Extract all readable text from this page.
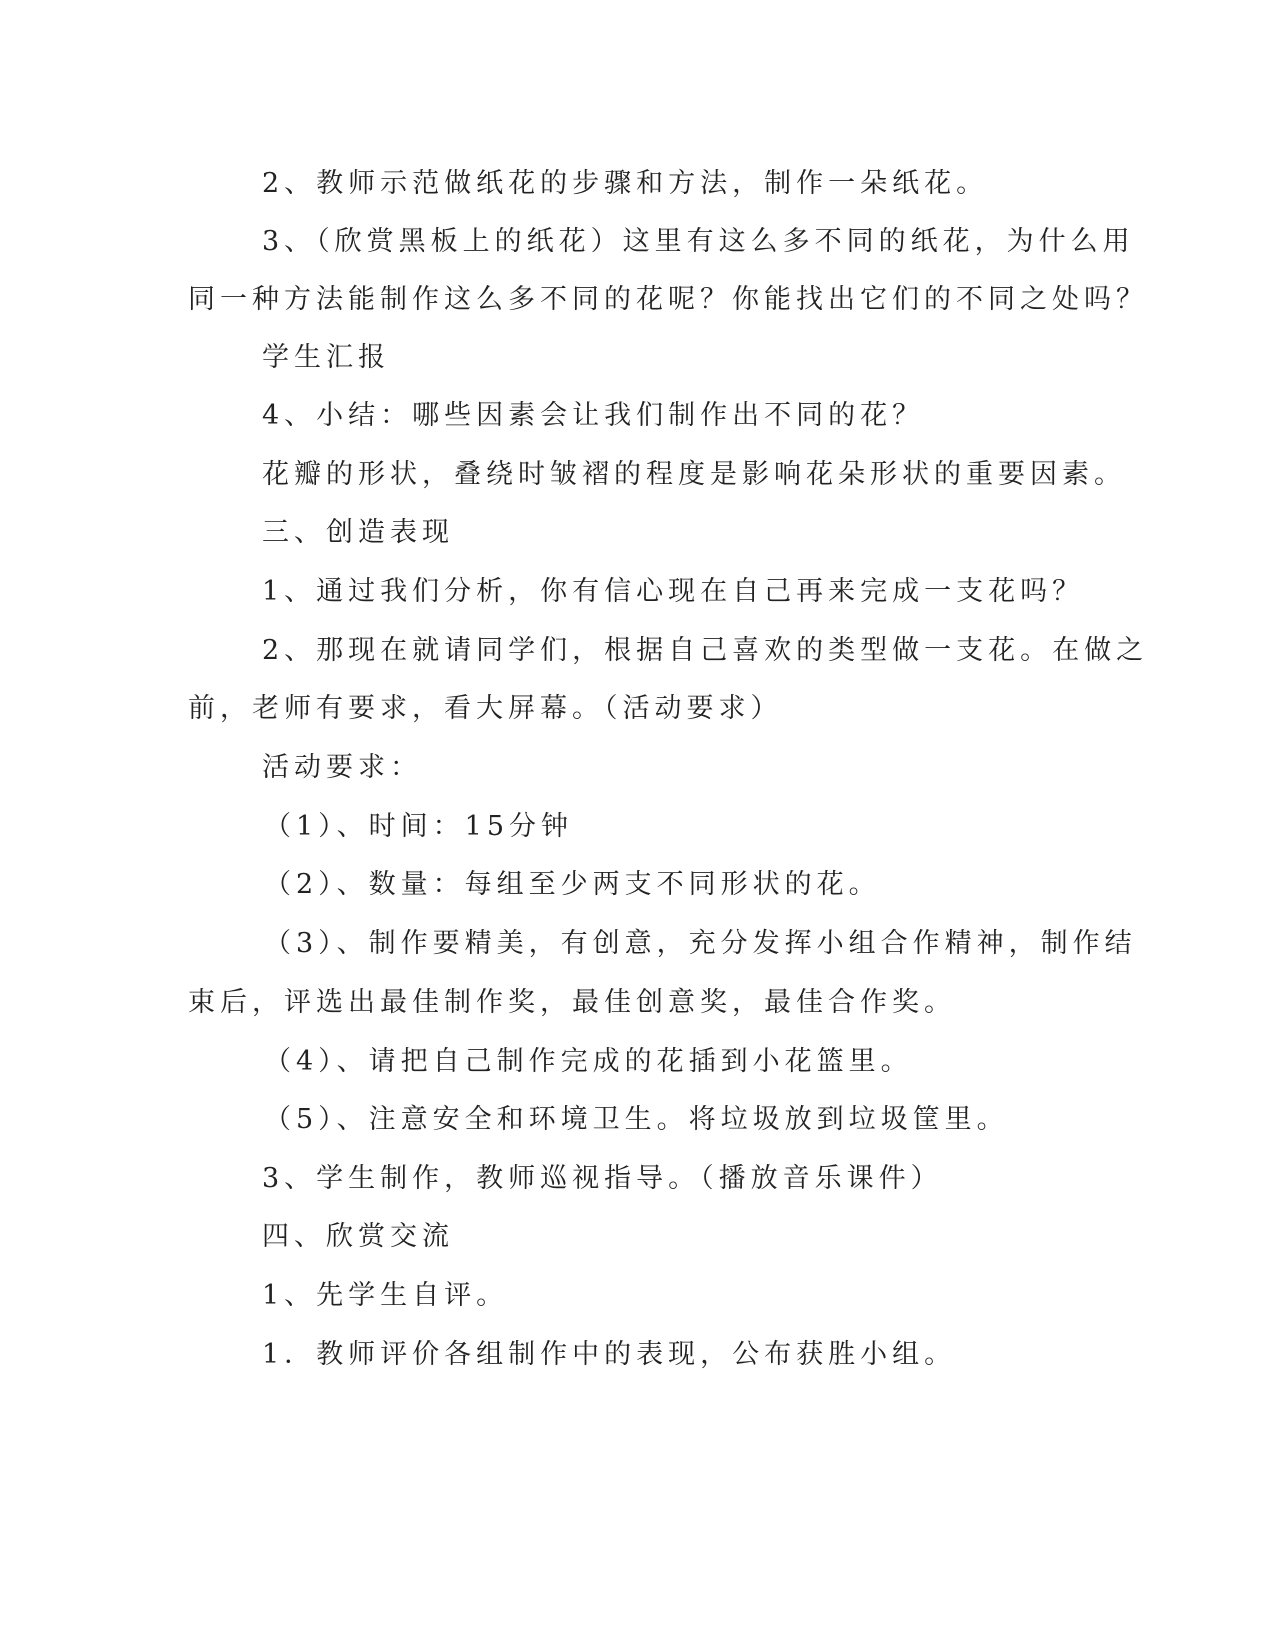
2、教师示范做纸花的步骤和方法，制作一朵纸花。
3、（欣赏黑板上的纸花）这里有这么多不同的纸花，为什么用
同一种方法能制作这么多不同的花呢？你能找出它们的不同之处吗？
学生汇报
4、小结：哪些因素会让我们制作出不同的花？
花瓣的形状，叠绕时皱褶的程度是影响花朵形状的重要因素。
三、创造表现
1、通过我们分析，你有信心现在自己再来完成一支花吗？
2、那现在就请同学们，根据自己喜欢的类型做一支花。在做之
前，老师有要求，看大屏幕。（活动要求）
活动要求：
（1）、时间：15分钟
（2）、数量：每组至少两支不同形状的花。
（3）、制作要精美，有创意，充分发挥小组合作精神，制作结
束后，评选出最佳制作奖，最佳创意奖，最佳合作奖。
（4）、请把自己制作完成的花插到小花篮里。
（5）、注意安全和环境卫生。将垃圾放到垃圾筐里。
3、学生制作，教师巡视指导。（播放音乐课件）
四、欣赏交流
1、先学生自评。
1．教师评价各组制作中的表现，公布获胜小组。
